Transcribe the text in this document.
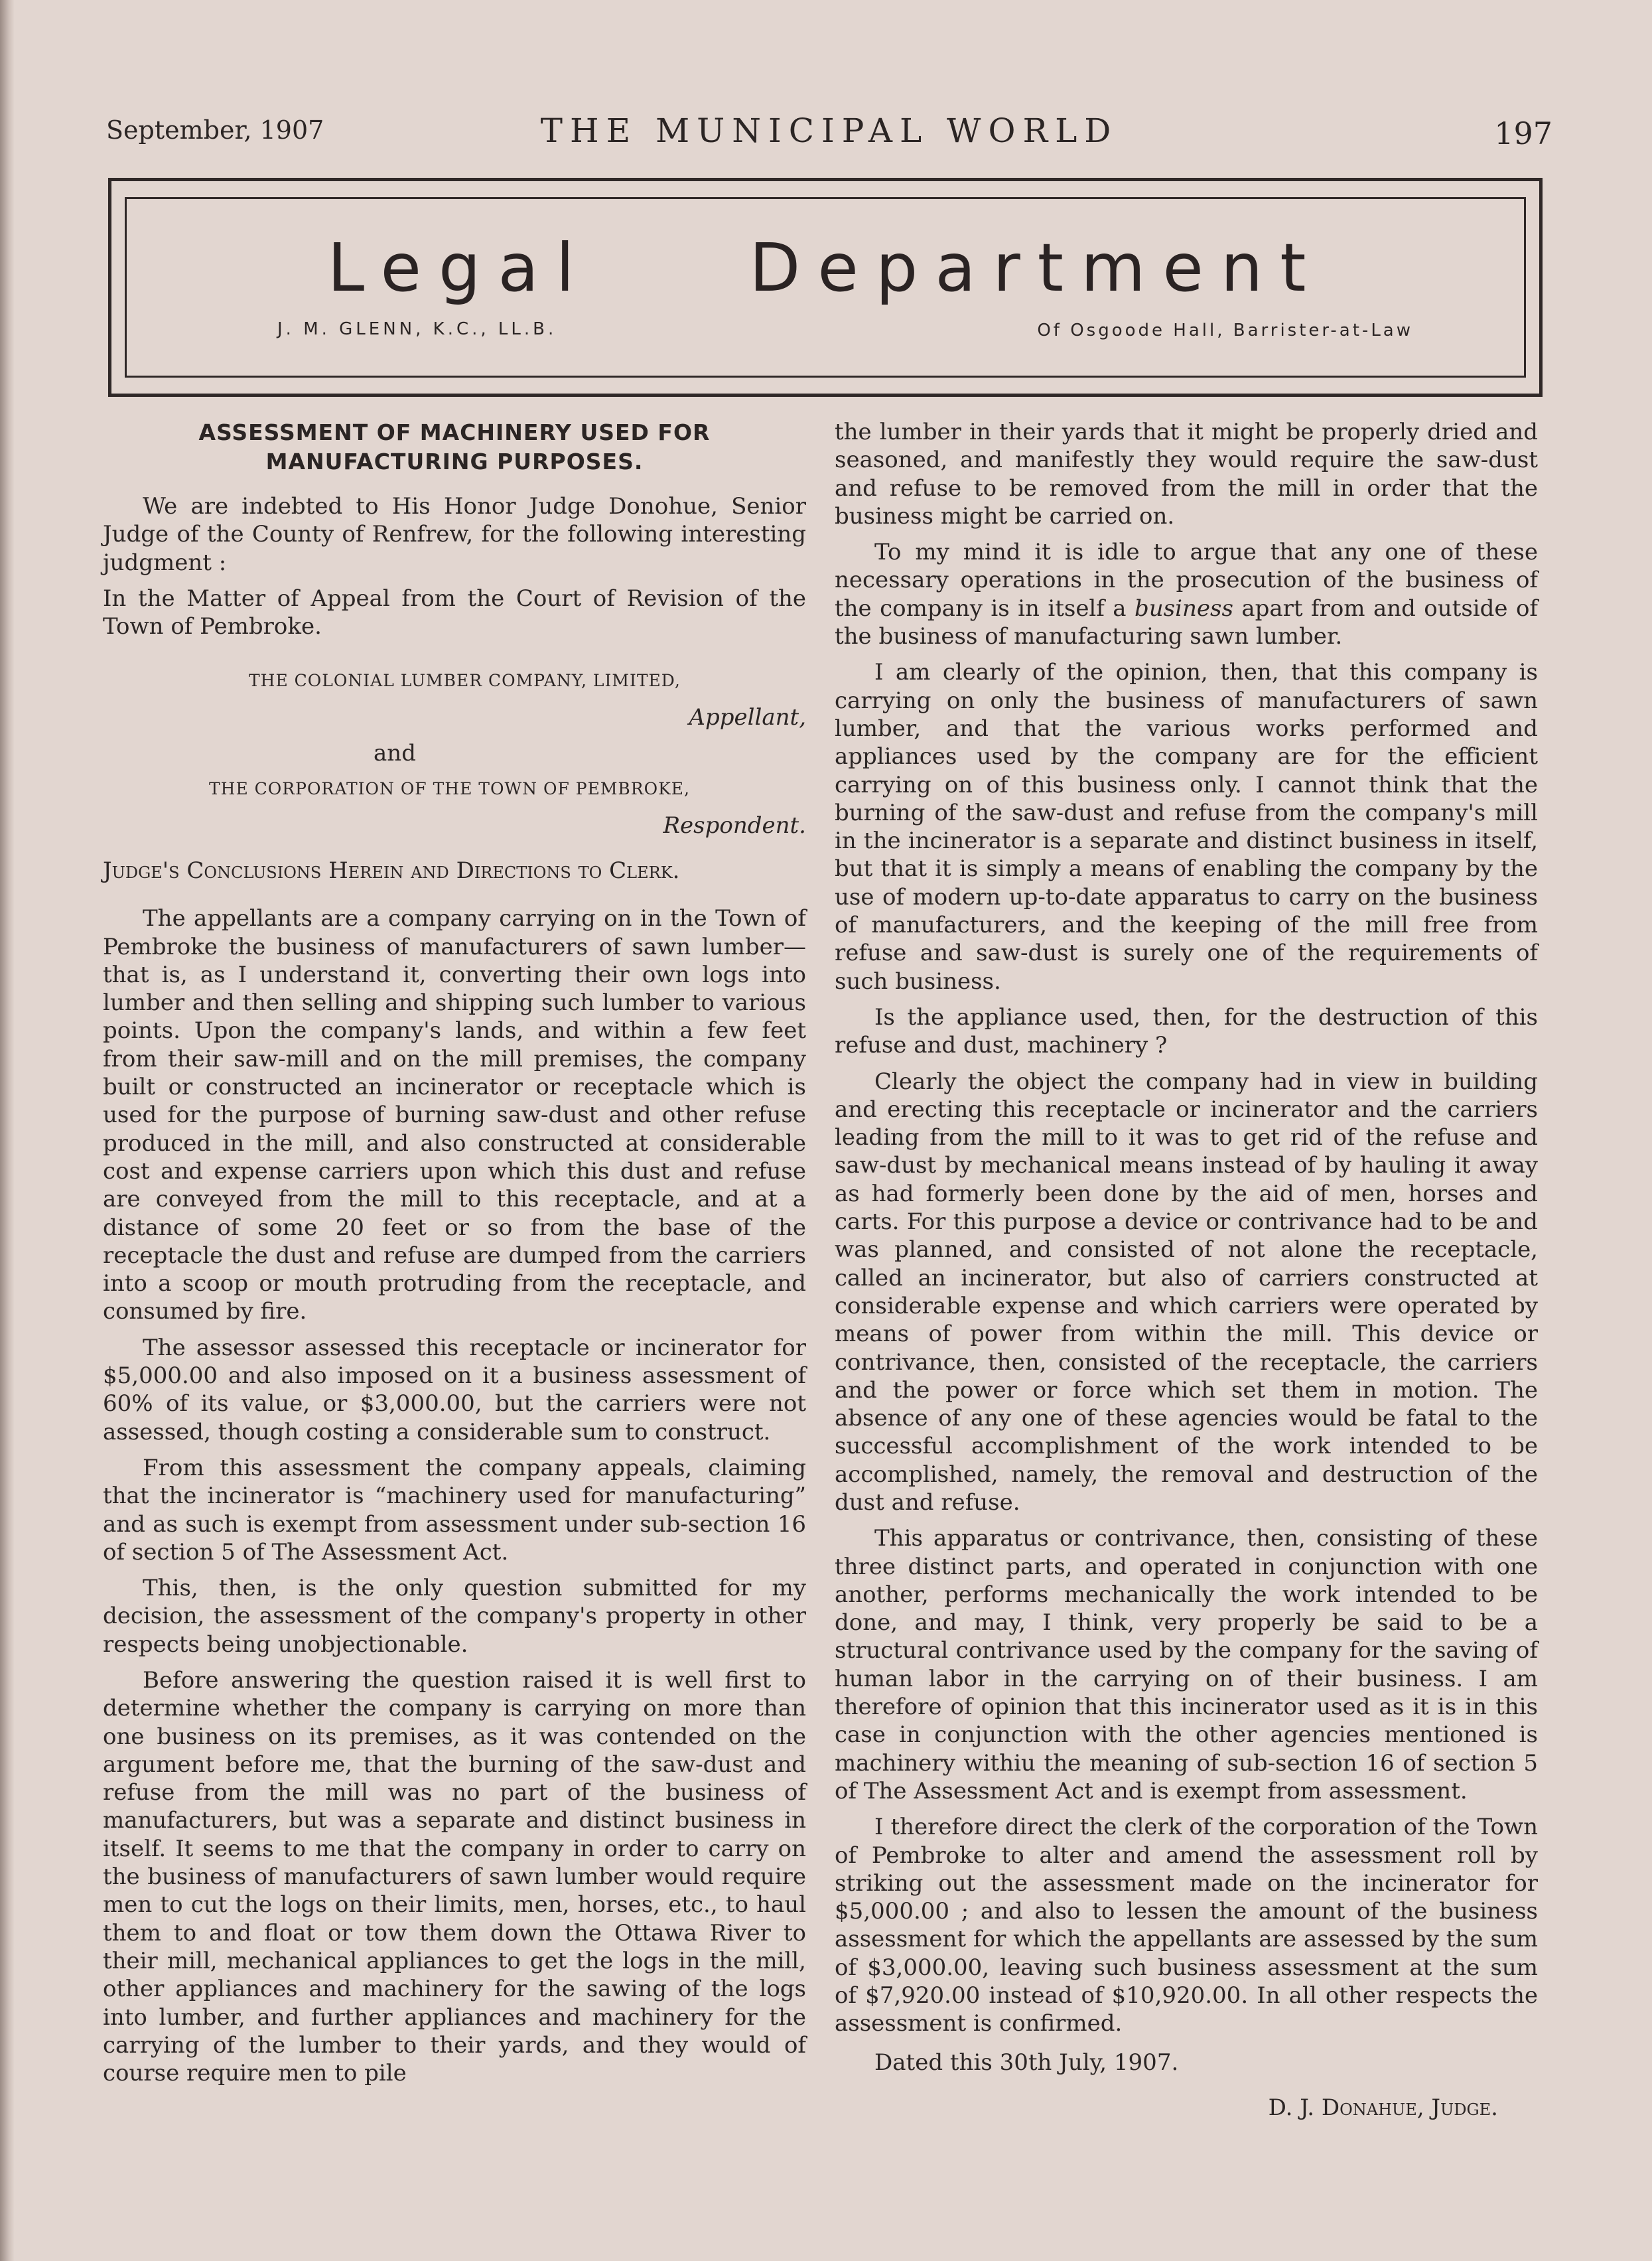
September, 1907	THE MUNICIPAL WORLD	197
Legal Department
J. M. GLENN, K.C., LL.B.	Of Osgoode Hall, Barrister-at-Law
ASSESSMENT OF MACHINERY USED FOR MANUFACTURING PURPOSES.

We are indebted to His Honor Judge Donohue, Senior Judge of the County of Renfrew, for the following interesting judgment :

In the Matter of Appeal from the Court of Revision of the Town of Pembroke.

THE COLONIAL LUMBER COMPANY, LIMITED,

Appellant,

and

THE CORPORATION OF THE TOWN OF PEMBROKE,

Respondent.

Judge's Conclusions Herein and Directions to Clerk.

The appellants are a company carrying on in the Town of Pembroke the business of manufacturers of sawn lumber—that is, as I understand it, converting their own logs into lumber and then selling and shipping such lumber to various points. Upon the company's lands, and within a few feet from their saw-mill and on the mill premises, the company built or constructed an incinerator or receptacle which is used for the purpose of burning saw-dust and other refuse produced in the mill, and also constructed at considerable cost and expense carriers upon which this dust and refuse are conveyed from the mill to this receptacle, and at a distance of some 20 feet or so from the base of the receptacle the dust and refuse are dumped from the carriers into a scoop or mouth protruding from the receptacle, and consumed by fire.

The assessor assessed this receptacle or incinerator for $5,000.00 and also imposed on it a business assessment of 60% of its value, or $3,000.00, but the carriers were not assessed, though costing a considerable sum to construct.

From this assessment the company appeals, claiming that the incinerator is “machinery used for manufacturing” and as such is exempt from assessment under sub-section 16 of section 5 of The Assessment Act.

This, then, is the only question submitted for my decision, the assessment of the company's property in other respects being unobjectionable.

Before answering the question raised it is well first to determine whether the company is carrying on more than one business on its premises, as it was contended on the argument before me, that the burning of the saw-dust and refuse from the mill was no part of the business of manufacturers, but was a separate and distinct business in itself. It seems to me that the company in order to carry on the business of manufacturers of sawn lumber would require men to cut the logs on their limits, men, horses, etc., to haul them to and float or tow them down the Ottawa River to their mill, mechanical appliances to get the logs in the mill, other appliances and machinery for the sawing of the logs into lumber, and further appliances and machinery for the carrying of the lumber to their yards, and they would of course require men to pile

the lumber in their yards that it might be properly dried and seasoned, and manifestly they would require the saw-dust and refuse to be removed from the mill in order that the business might be carried on.

To my mind it is idle to argue that any one of these necessary operations in the prosecution of the business of the company is in itself a business apart from and outside of the business of manufacturing sawn lumber.

I am clearly of the opinion, then, that this company is carrying on only the business of manufacturers of sawn lumber, and that the various works performed and appliances used by the company are for the efficient carrying on of this business only. I cannot think that the burning of the saw-dust and refuse from the company's mill in the incinerator is a separate and distinct business in itself, but that it is simply a means of enabling the company by the use of modern up-to-date apparatus to carry on the business of manufacturers, and the keeping of the mill free from refuse and saw-dust is surely one of the requirements of such business.

Is the appliance used, then, for the destruction of this refuse and dust, machinery ?

Clearly the object the company had in view in building and erecting this receptacle or incinerator and the carriers leading from the mill to it was to get rid of the refuse and saw-dust by mechanical means instead of by hauling it away as had formerly been done by the aid of men, horses and carts. For this purpose a device or contrivance had to be and was planned, and consisted of not alone the receptacle, called an incinerator, but also of carriers constructed at considerable expense and which carriers were operated by means of power from within the mill. This device or contrivance, then, consisted of the receptacle, the carriers and the power or force which set them in motion. The absence of any one of these agencies would be fatal to the successful accomplishment of the work intended to be accomplished, namely, the removal and destruction of the dust and refuse.

This apparatus or contrivance, then, consisting of these three distinct parts, and operated in conjunction with one another, performs mechanically the work intended to be done, and may, I think, very properly be said to be a structural contrivance used by the company for the saving of human labor in the carrying on of their business. I am therefore of opinion that this incinerator used as it is in this case in conjunction with the other agencies mentioned is machinery withiu the meaning of sub-section 16 of section 5 of The Assessment Act and is exempt from assessment.

I therefore direct the clerk of the corporation of the Town of Pembroke to alter and amend the assessment roll by striking out the assessment made on the incinerator for $5,000.00 ; and also to lessen the amount of the business assessment for which the appellants are assessed by the sum of $3,000.00, leaving such business assessment at the sum of $7,920.00 instead of $10,920.00. In all other respects the assessment is confirmed.

Dated this 30th July, 1907.

D. J. Donahue, Judge.
